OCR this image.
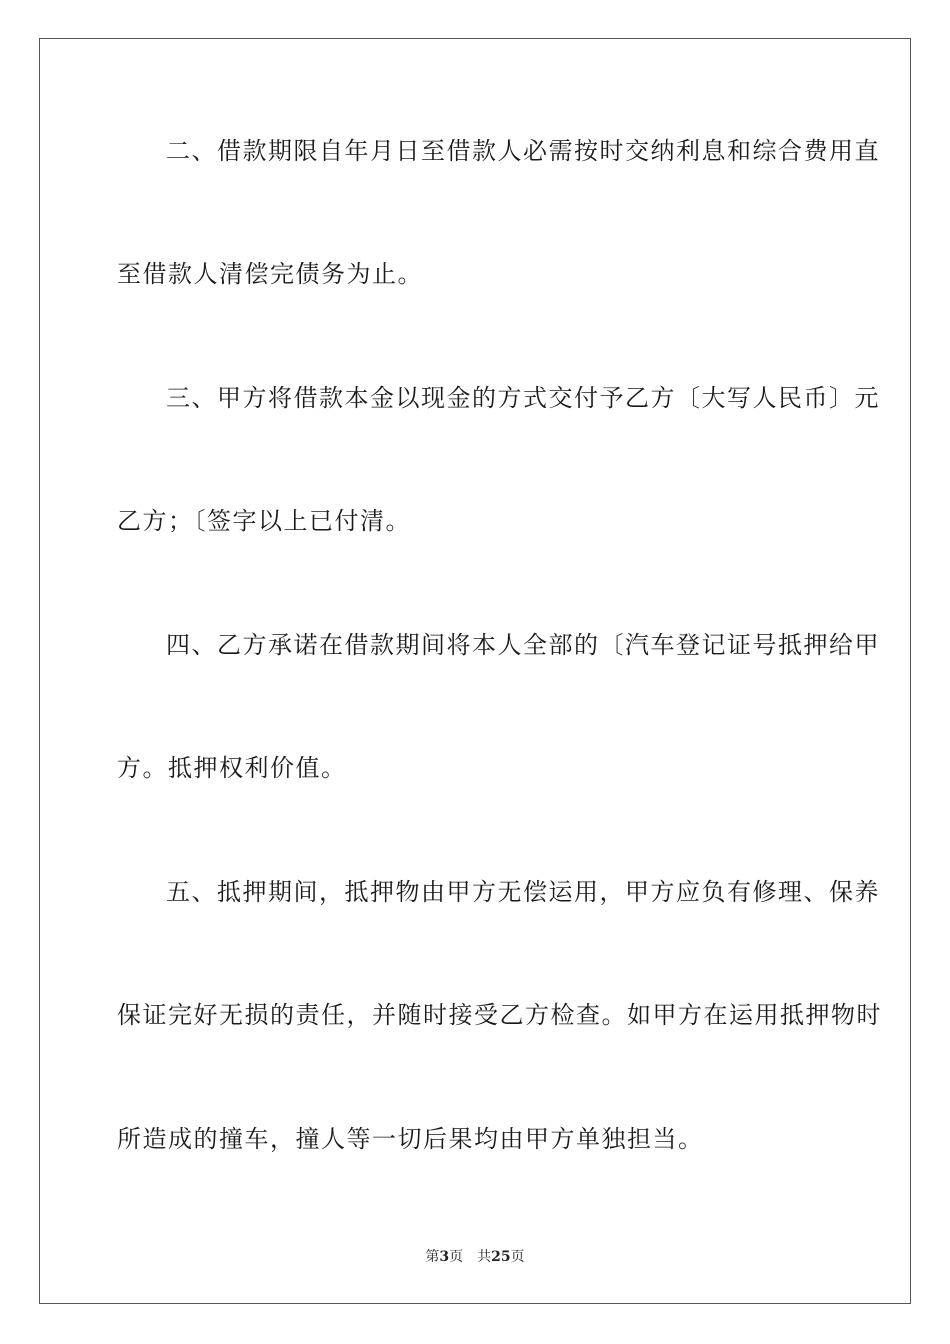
二、借款期限自年月日至借款人必需按时交纳利息和综合费用直
至借款人清偿完债务为止。
三、甲方将借款本金以现金的方式交付予乙方〔大写人民币〕元
乙方；〔签字以上已付清。
四、乙方承诺在借款期间将本人全部的〔汽车登记证号抵押给甲
方。抵押权利价值。
五、抵押期间，抵押物由甲方无偿运用，甲方应负有修理、保养
保证完好无损的责任，并随时接受乙方检查。如甲方在运用抵押物时
所造成的撞车，撞人等一切后果均由甲方单独担当。
第3页 共25页
